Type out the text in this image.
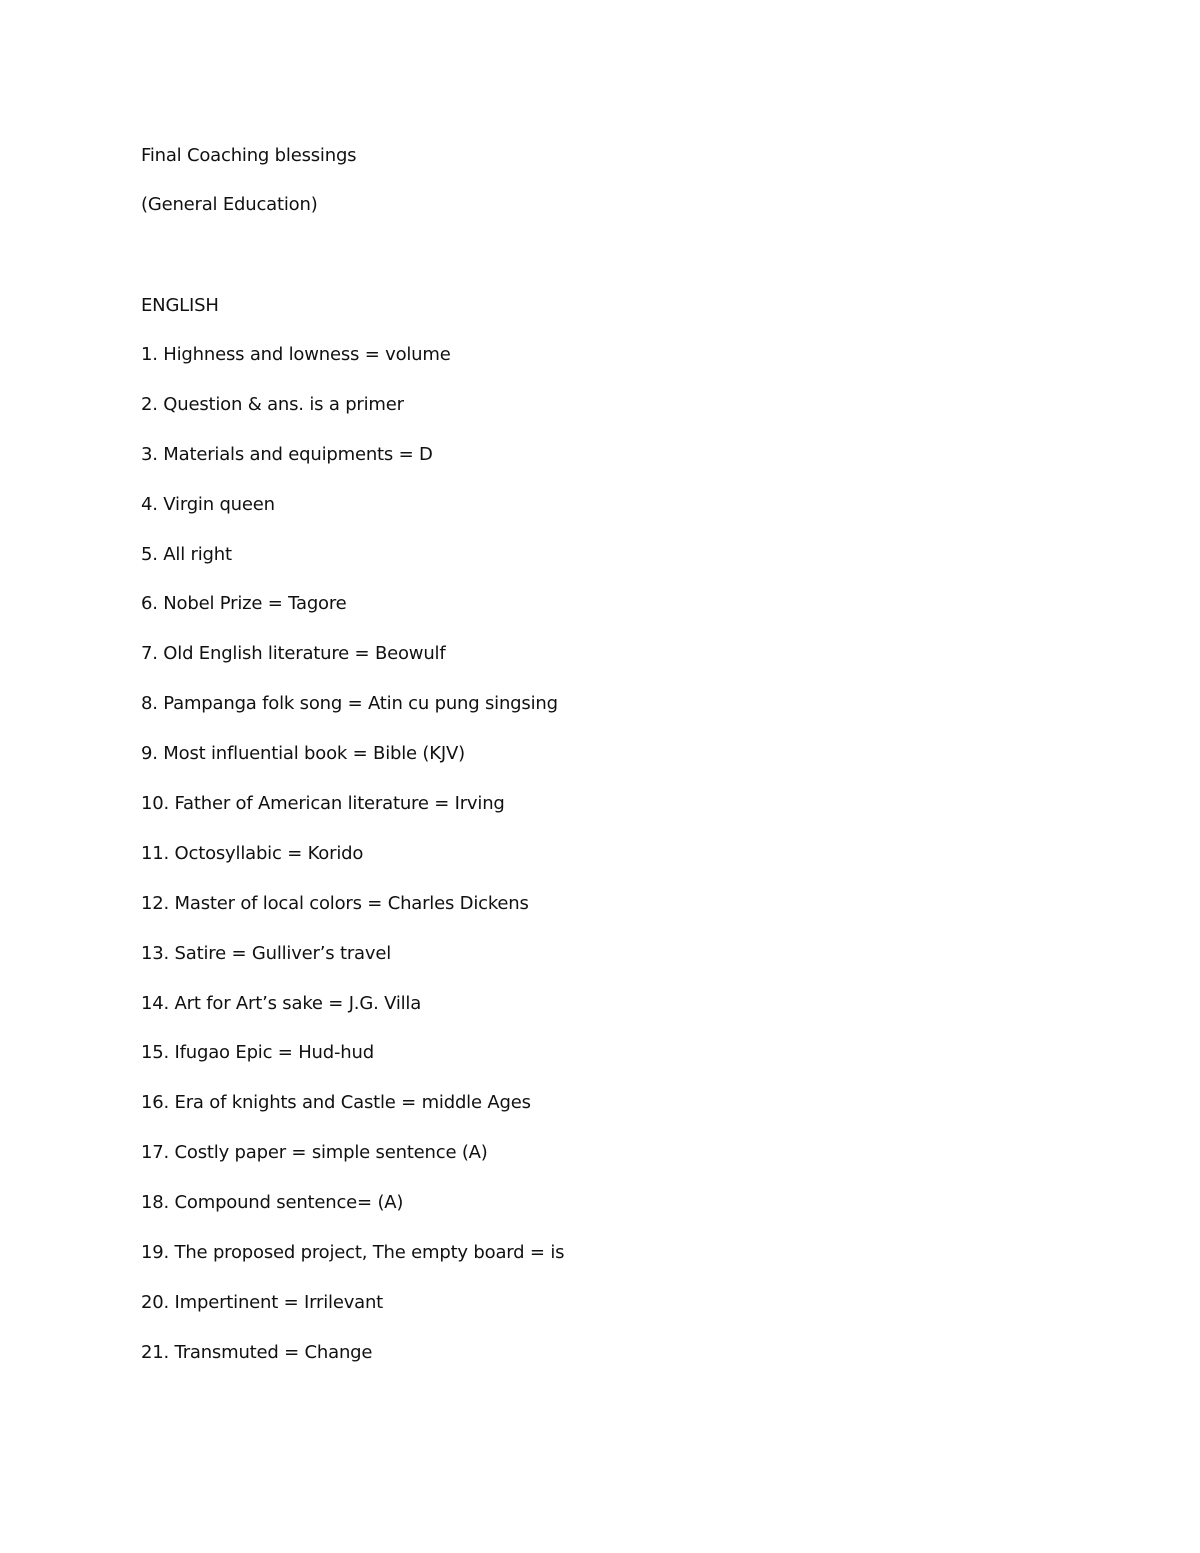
Final Coaching blessings
(General Education)
ENGLISH
1. Highness and lowness = volume
2. Question & ans. is a primer
3. Materials and equipments = D
4. Virgin queen
5. All right
6. Nobel Prize = Tagore
7. Old English literature = Beowulf
8. Pampanga folk song = Atin cu pung singsing
9. Most influential book = Bible (KJV)
10. Father of American literature = Irving
11. Octosyllabic = Korido
12. Master of local colors = Charles Dickens
13. Satire = Gulliver’s travel
14. Art for Art’s sake = J.G. Villa
15. Ifugao Epic = Hud-hud
16. Era of knights and Castle = middle Ages
17. Costly paper = simple sentence (A)
18. Compound sentence= (A)
19. The proposed project, The empty board = is
20. Impertinent = Irrilevant
21. Transmuted = Change
